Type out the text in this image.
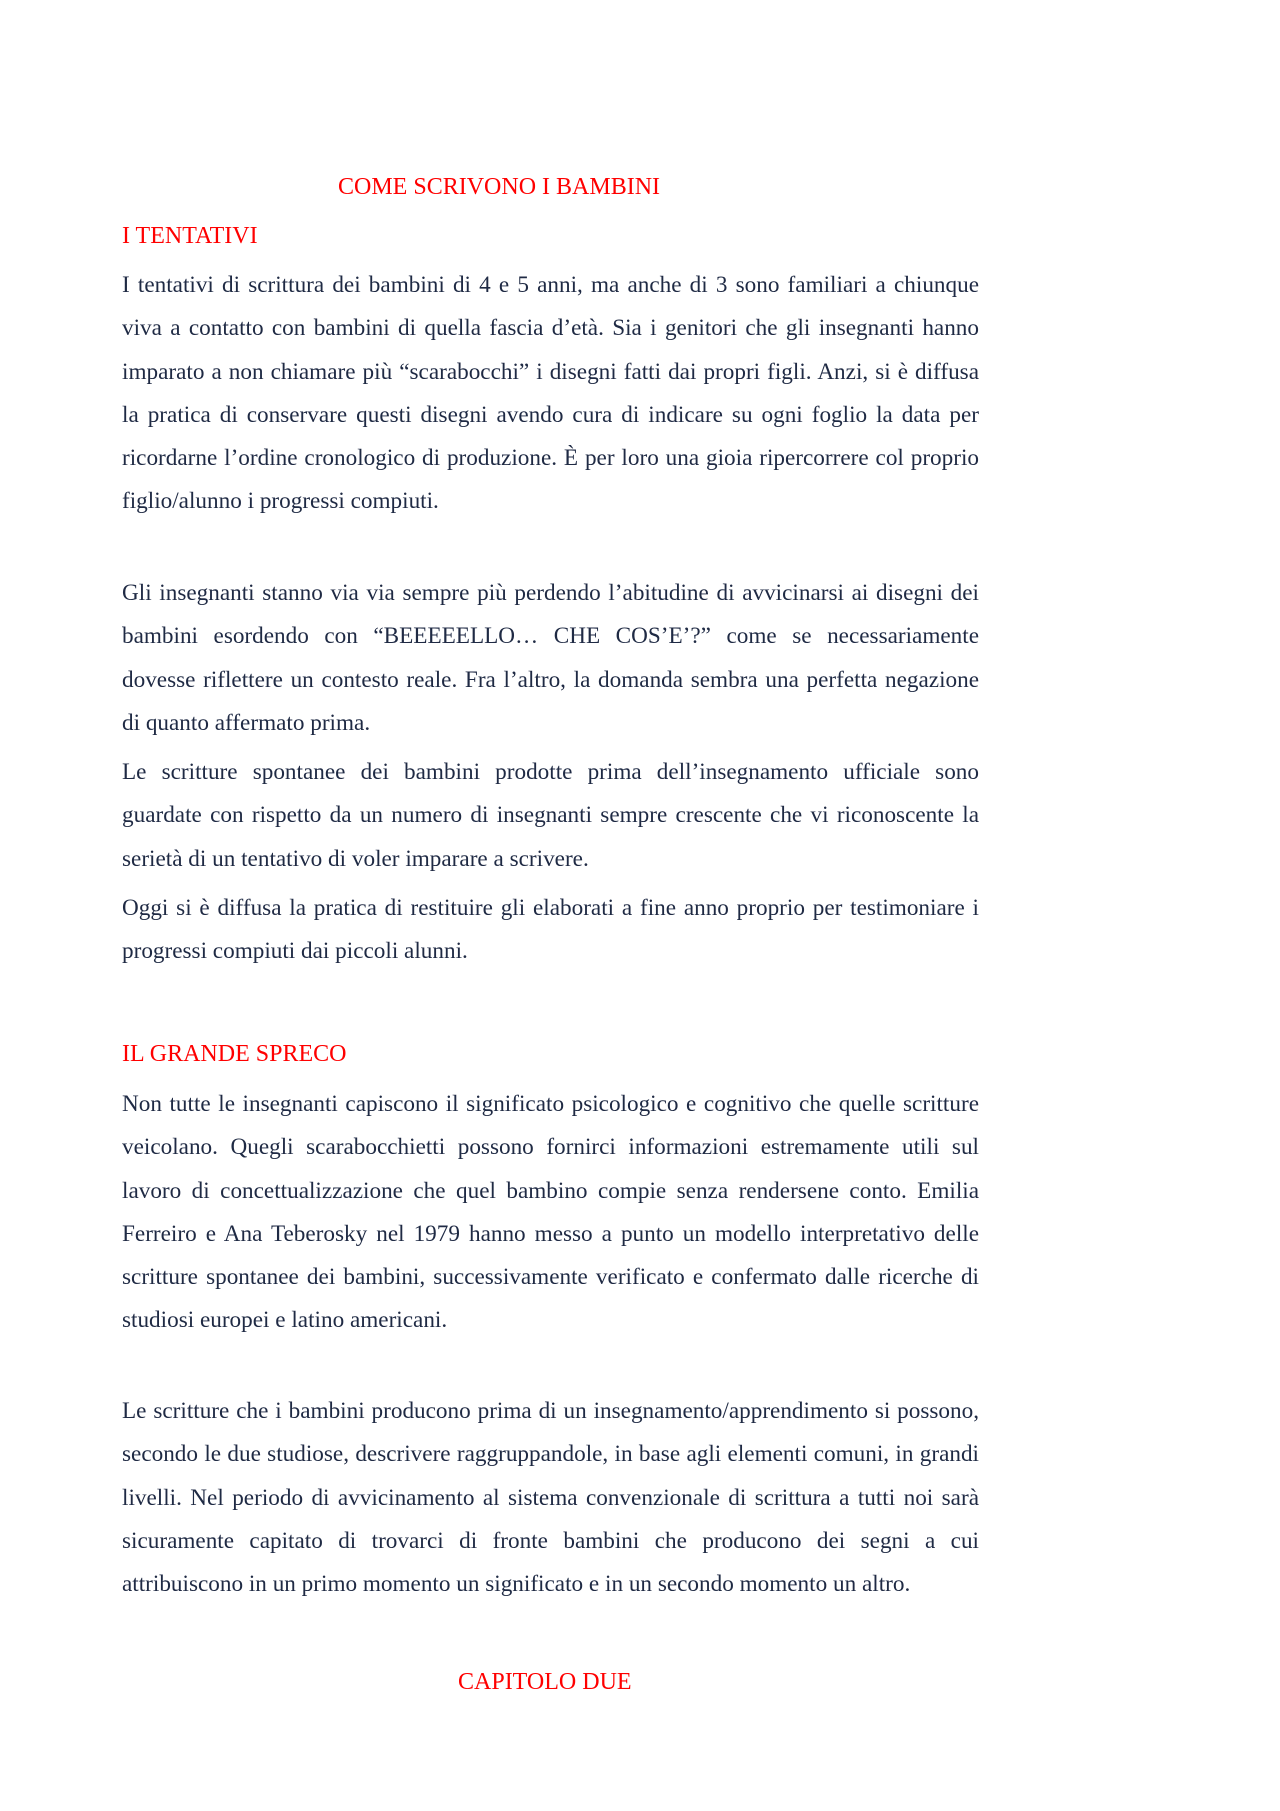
COME SCRIVONO I BAMBINI
I TENTATIVI

I tentativi di scrittura dei bambini di 4 e 5 anni, ma anche di 3 sono familiari a chiunque viva a contatto con bambini di quella fascia d’età. Sia i genitori che gli insegnanti hanno imparato a non chiamare più “scarabocchi” i disegni fatti dai propri figli. Anzi, si è diffusa la pratica di conservare questi disegni avendo cura di indicare su ogni foglio la data per ricordarne l’ordine cronologico di produzione. È per loro una gioia ripercorrere col proprio figlio/alunno i progressi compiuti.

Gli insegnanti stanno via via sempre più perdendo l’abitudine di avvicinarsi ai disegni dei bambini esordendo con “BEEEEELLO… CHE COS’E’?” come se necessariamente dovesse riflettere un contesto reale. Fra l’altro, la domanda sembra una perfetta negazione di quanto affermato prima.

Le scritture spontanee dei bambini prodotte prima dell’insegnamento ufficiale sono guardate con rispetto da un numero di insegnanti sempre crescente che vi riconoscente la serietà di un tentativo di voler imparare a scrivere.

Oggi si è diffusa la pratica di restituire gli elaborati a fine anno proprio per testimoniare i progressi compiuti dai piccoli alunni.

IL GRANDE SPRECO

Non tutte le insegnanti capiscono il significato psicologico e cognitivo che quelle scritture veicolano. Quegli scarabocchietti possono fornirci informazioni estremamente utili sul lavoro di concettualizzazione che quel bambino compie senza rendersene conto. Emilia Ferreiro e Ana Teberosky nel 1979 hanno messo a punto un modello interpretativo delle scritture spontanee dei bambini, successivamente verificato e confermato dalle ricerche di studiosi europei e latino americani.

Le scritture che i bambini producono prima di un insegnamento/apprendimento si possono, secondo le due studiose, descrivere raggruppandole, in base agli elementi comuni, in grandi livelli. Nel periodo di avvicinamento al sistema convenzionale di scrittura a tutti noi sarà sicuramente capitato di trovarci di fronte bambini che producono dei segni a cui attribuiscono in un primo momento un significato e in un secondo momento un altro.

CAPITOLO DUE
